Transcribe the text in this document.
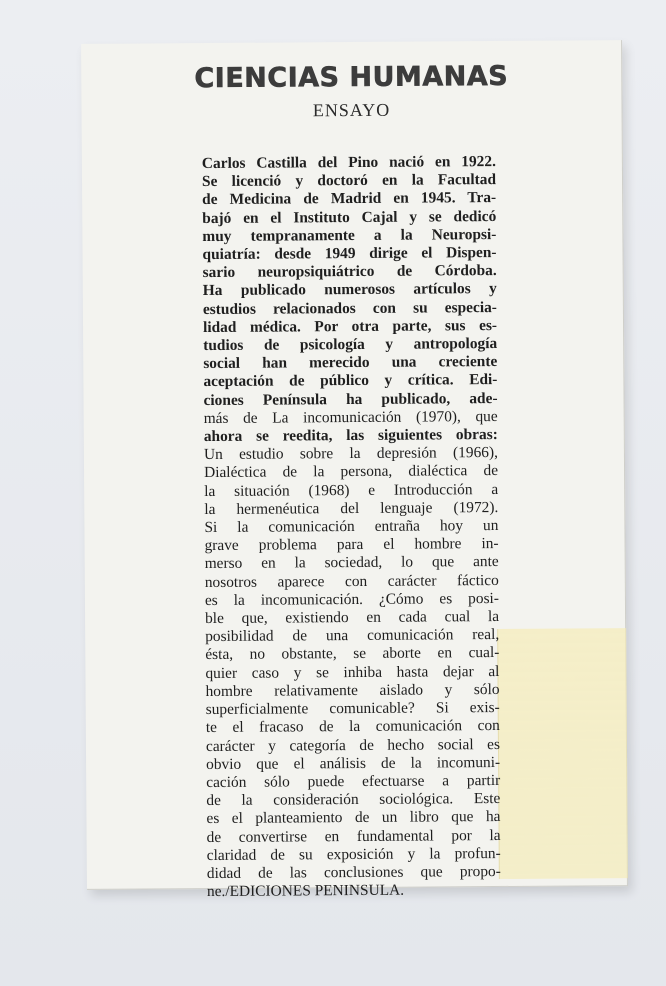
CIENCIAS HUMANAS
ENSAYO
Carlos Castilla del Pino nació en 1922.
Se licenció y doctoró en la Facultad
de Medicina de Madrid en 1945. Tra-
bajó en el Instituto Cajal y se dedicó
muy tempranamente a la Neuropsi-
quiatría: desde 1949 dirige el Dispen-
sario neuropsiquiátrico de Córdoba.
Ha publicado numerosos artículos y
estudios relacionados con su especia-
lidad médica. Por otra parte, sus es-
tudios de psicología y antropología
social han merecido una creciente
aceptación de público y crítica. Edi-
ciones Península ha publicado, ade-
más de La incomunicación (1970), que
ahora se reedita, las siguientes obras:
Un estudio sobre la depresión (1966),
Dialéctica de la persona, dialéctica de
la situación (1968) e Introducción a
la hermenéutica del lenguaje (1972).
Si la comunicación entraña hoy un
grave problema para el hombre in-
merso en la sociedad, lo que ante
nosotros aparece con carácter fáctico
es la incomunicación. ¿Cómo es posi-
ble que, existiendo en cada cual la
posibilidad de una comunicación real,
ésta, no obstante, se aborte en cual-
quier caso y se inhiba hasta dejar al
hombre relativamente aislado y sólo
superficialmente comunicable? Si exis-
te el fracaso de la comunicación con
carácter y categoría de hecho social es
obvio que el análisis de la incomuni-
cación sólo puede efectuarse a partir
de la consideración sociológica. Este
es el planteamiento de un libro que ha
de convertirse en fundamental por la
claridad de su exposición y la profun-
didad de las conclusiones que propo-
ne./EDICIONES PENINSULA.
